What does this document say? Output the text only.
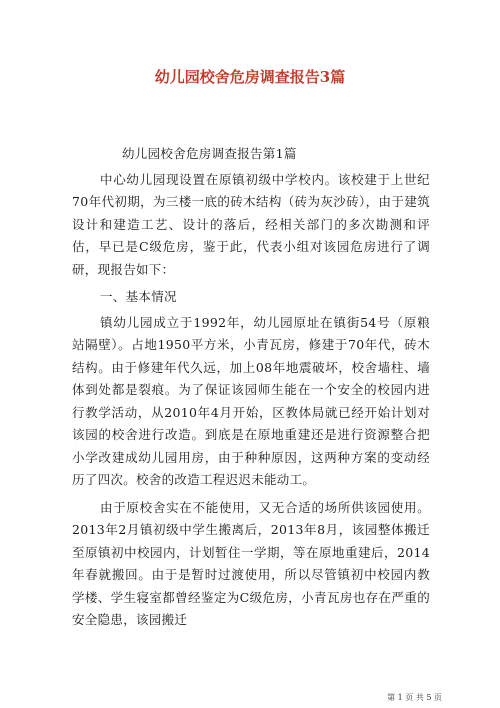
幼儿园校舍危房调查报告3篇

幼儿园校舍危房调查报告第1篇

中心幼儿园现设置在原镇初级中学校内。该校建于上世纪70年代初期，为三楼一底的砖木结构（砖为灰沙砖），由于建筑设计和建造工艺、设计的落后，经相关部门的多次勘测和评估，早已是C级危房，鉴于此，代表小组对该园危房进行了调研，现报告如下：

一、基本情况

镇幼儿园成立于1992年，幼儿园原址在镇街54号（原粮站隔壁）。占地1950平方米，小青瓦房，修建于70年代，砖木结构。由于修建年代久远，加上08年地震破坏，校舍墙柱、墙体到处都是裂痕。为了保证该园师生能在一个安全的校园内进行教学活动，从2010年4月开始，区教体局就已经开始计划对该园的校舍进行改造。到底是在原地重建还是进行资源整合把小学改建成幼儿园用房，由于种种原因，这两种方案的变动经历了四次。校舍的改造工程迟迟未能动工。

由于原校舍实在不能使用，又无合适的场所供该园使用。2013年2月镇初级中学生搬离后，2013年8月，该园整体搬迁至原镇初中校园内，计划暂住一学期，等在原地重建后，2014年春就搬回。由于是暂时过渡使用，所以尽管镇初中校园内教学楼、学生寝室都曾经鉴定为C级危房，小青瓦房也存在严重的安全隐患，该园搬迁

第 1 页 共 5 页
